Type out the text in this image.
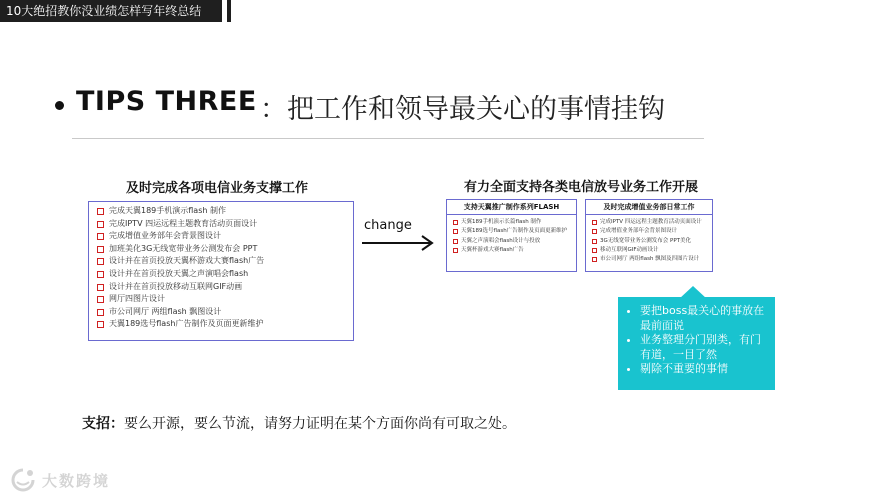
10大绝招教你没业绩怎样写年终总结
TIPS THREE ：把工作和领导最关心的事情挂钩
及时完成各项电信业务支撑工作
完成天翼189手机演示flash 制作
完成IPTV 四运远程主题教育活动页面设计
完成增值业务部年会背景图设计
加班美化3G无线宽带业务公测发布会 PPT
设计并在首页投放天翼杯游戏大赛flash广告
设计并在首页投放天翼之声演唱会flash
设计并在首页投放移动互联网GIF动画
网厅四图片设计
市公司网厅 两组flash 飘图设计
天翼189选号flash广告制作及页面更新维护
change
有力全面支持各类电信放号业务工作开展
支持天翼推广制作系列FLASH
天翼189手机演示长篇flash 制作
天翼189选号flash广告制作及页面更新维护
天翼之声演唱会flash设计与投放
天翼杯游戏大赛flash广告
及时完成增值业务部日常工作
完成IPTV 四运远程主题教育活动页面设计
完成增值业务部年会背景图设计
3G无线宽带业务公测发布会 PPT美化
移动互联网GIF动画设计
市公司网厅 两组flash 飘图及四图片设计
• 要把boss最关心的事放在最前面说
• 业务整理分门别类，有门有道，一目了然
• 剔除不重要的事情
支招：要么开源，要么节流，请努力证明在某个方面你尚有可取之处。
大数跨境
